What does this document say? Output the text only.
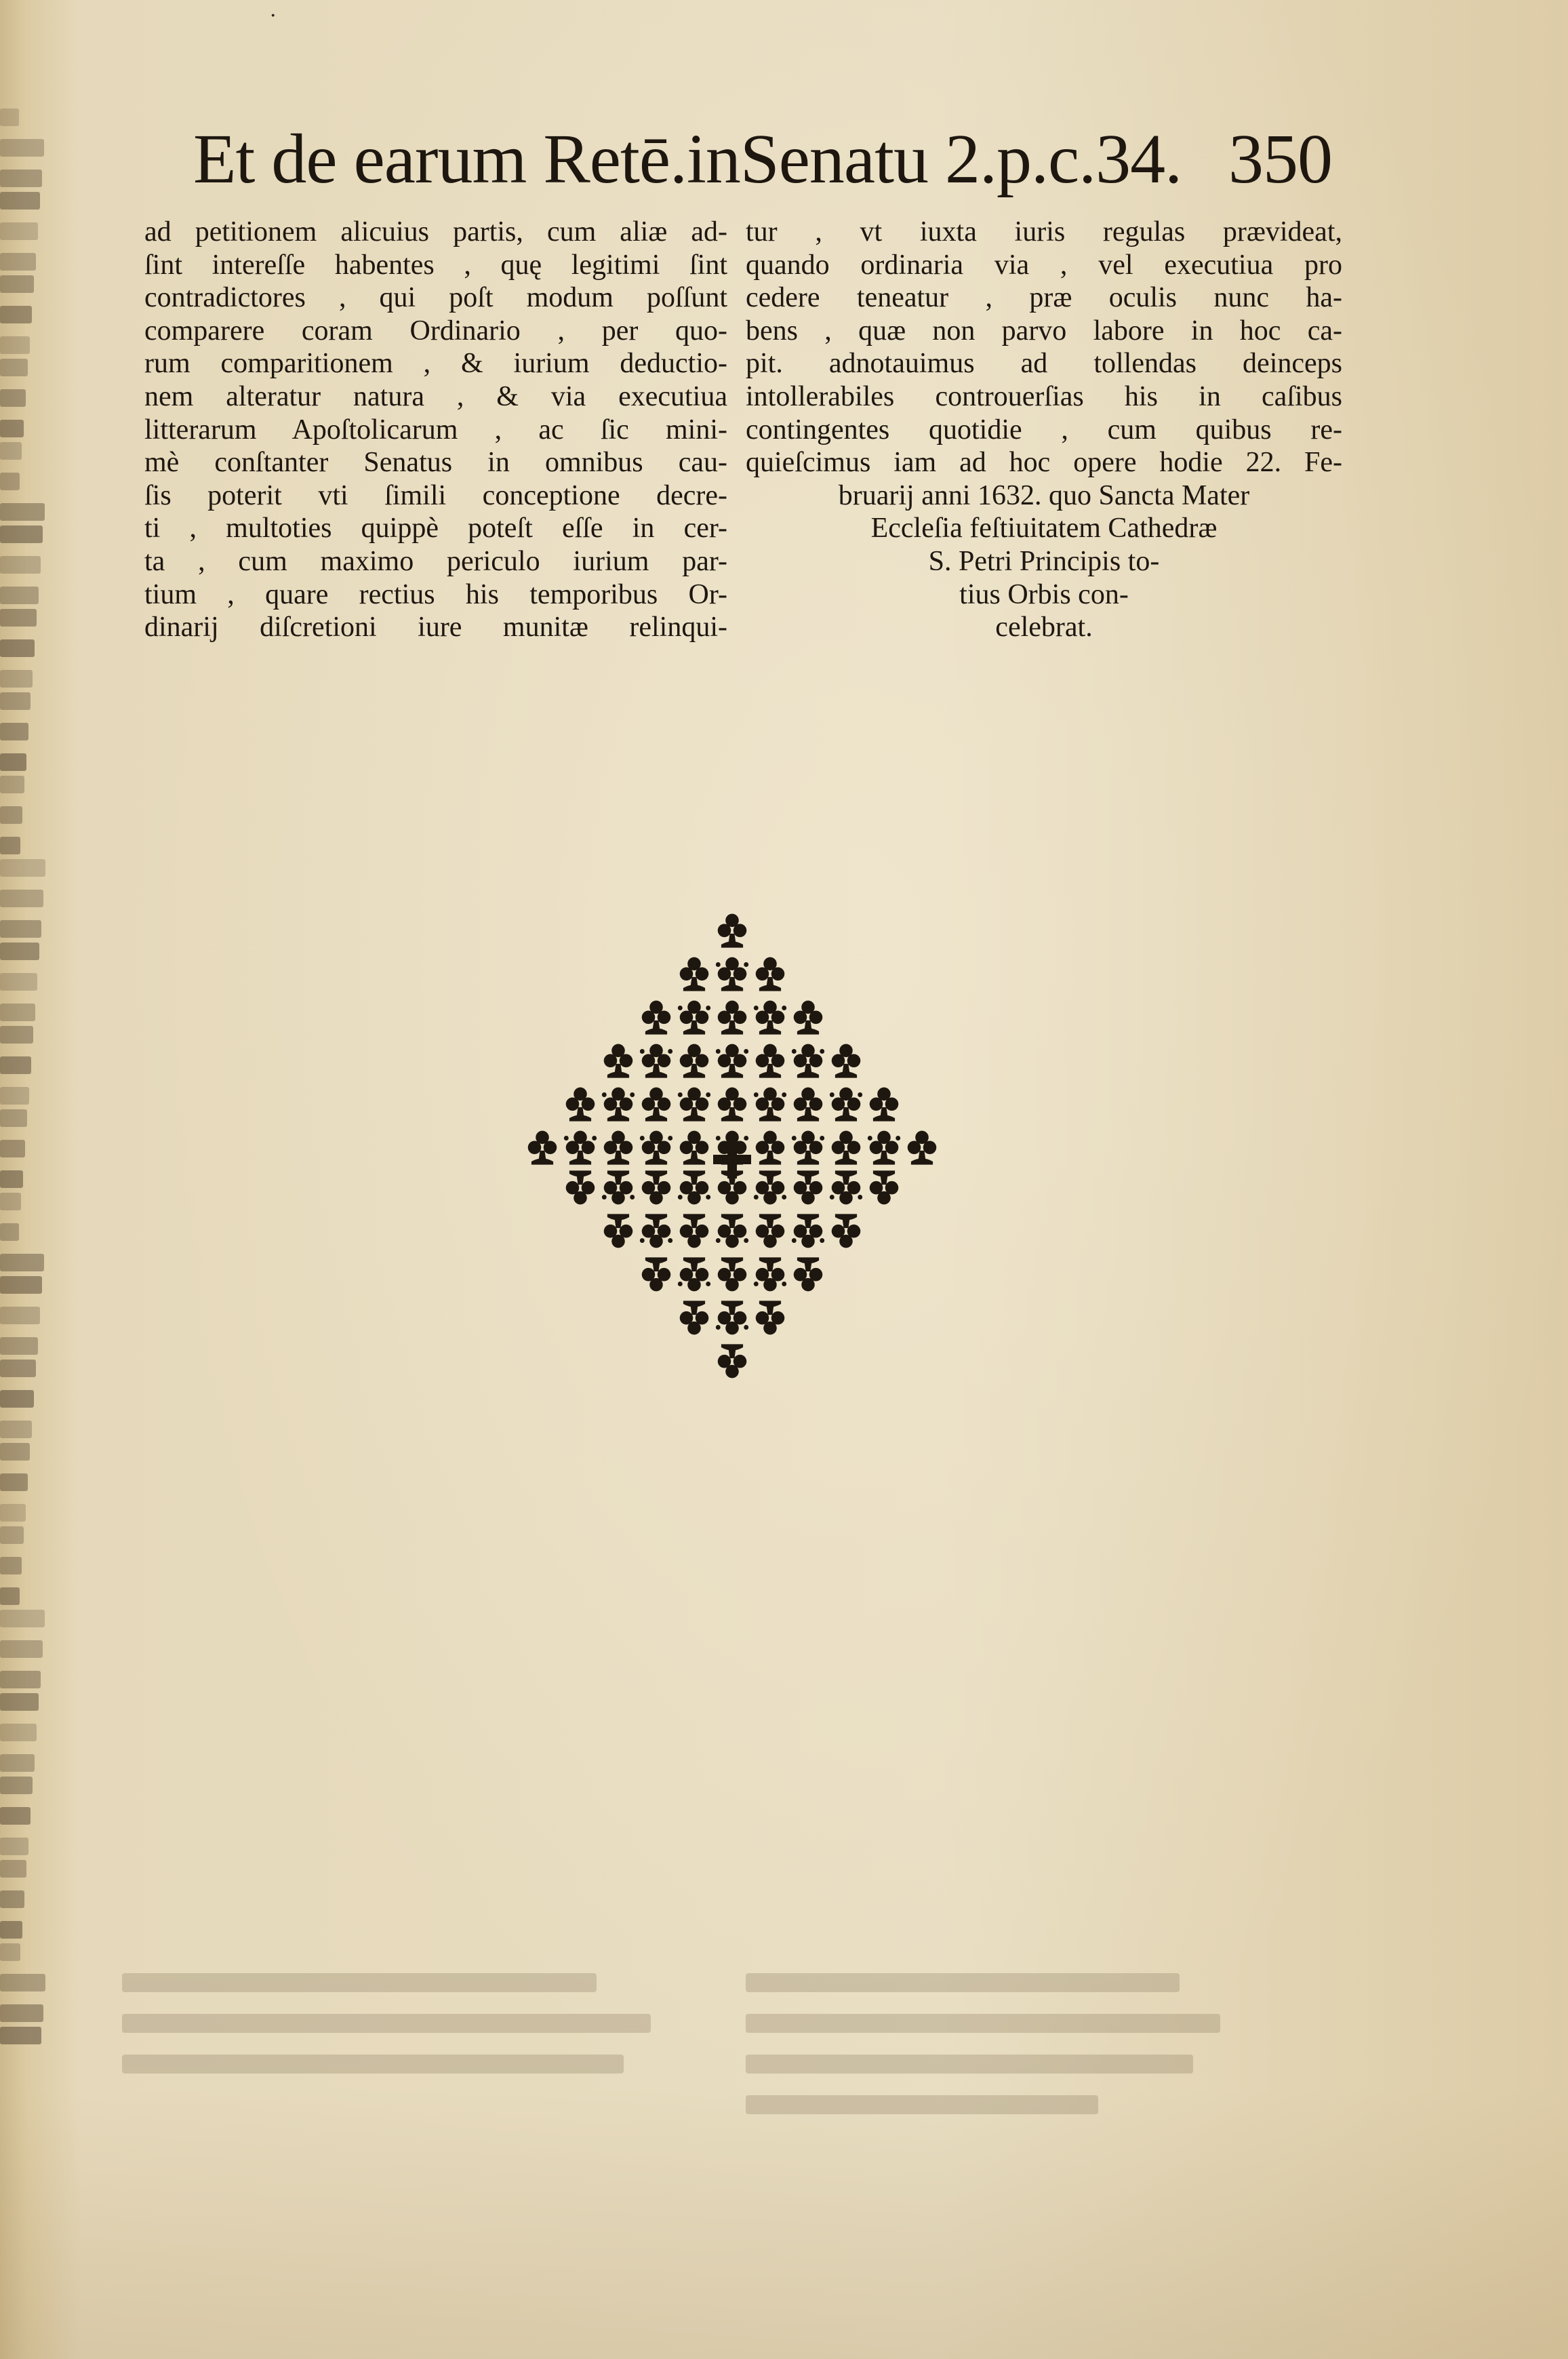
·
Et de earum Retē.inSenatu 2.p.c.34. 350
ad petitionem alicuius partis, cum aliæ ad-
ſint intereſſe habentes , quę legitimi ſint
contradictores , qui poſt modum poſſunt
comparere coram Ordinario , per quo-
rum comparitionem , & iurium deductio-
nem alteratur natura , & via executiua
litterarum Apoſtolicarum , ac ſic mini-
mè conſtanter Senatus in omnibus cau-
ſis poterit vti ſimili conceptione decre-
ti , multoties quippè poteſt eſſe in cer-
ta , cum maximo periculo iurium par-
tium , quare rectius his temporibus Or-
dinarij diſcretioni iure munitæ relinqui-
tur , vt iuxta iuris regulas prævideat,
quando ordinaria via , vel executiua pro
cedere teneatur , præ oculis nunc ha-
bens , quæ non parvo labore in hoc ca-
pit. adnotauimus ad tollendas deinceps
intollerabiles controuerſias his in caſibus
contingentes quotidie , cum quibus re-
quieſcimus iam ad hoc opere hodie 22. Fe-
bruarij anni 1632. quo Sancta Mater
Eccleſia feſtiuitatem Cathedræ
S. Petri Principis to-
tius Orbis con-
celebrat.
